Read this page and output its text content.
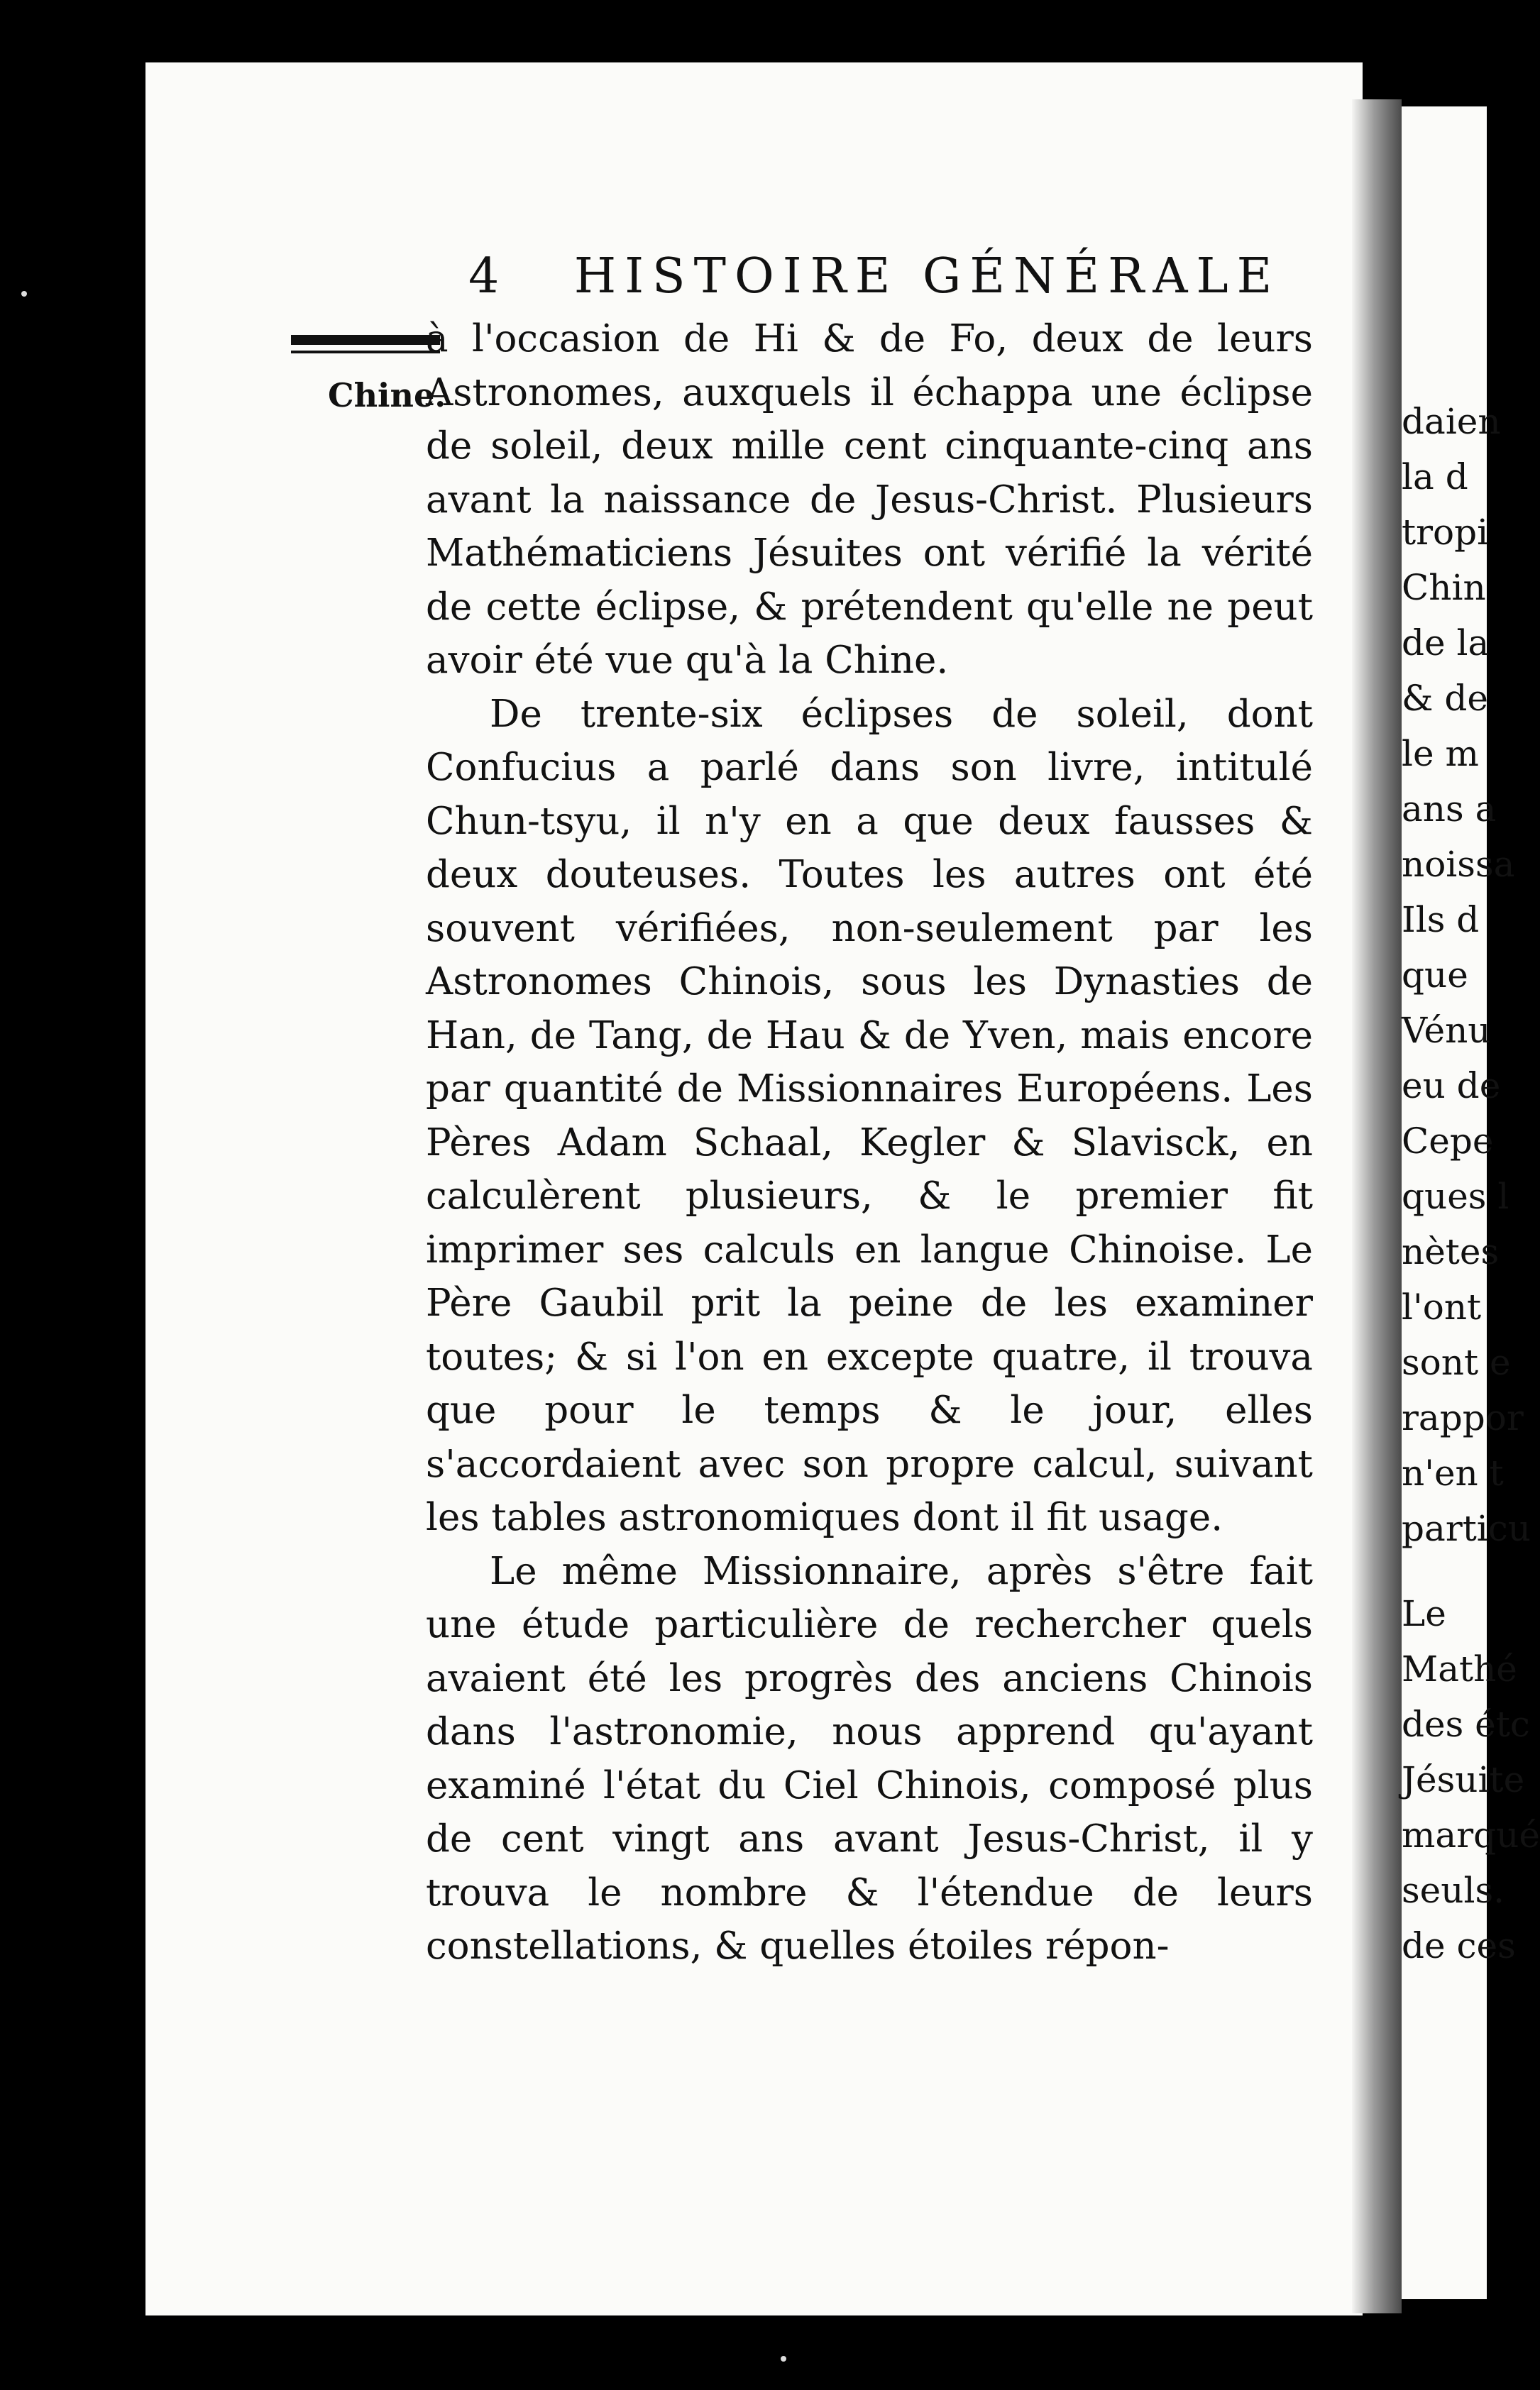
4 HISTOIRE GÉNÉRALE
Chine.

à l'occasion de Hi & de Fo, deux de leurs Astronomes, auxquels il échappa une éclipse de soleil, deux mille cent cinquante-cinq ans avant la naissance de Jesus-Christ. Plusieurs Mathématiciens Jésuites ont vérifié la vérité de cette éclipse, & prétendent qu'elle ne peut avoir été vue qu'à la Chine.

De trente-six éclipses de soleil, dont Confucius a parlé dans son livre, intitulé Chun-tsyu, il n'y en a que deux fausses & deux douteuses. Toutes les autres ont été souvent vérifiées, non-seulement par les Astronomes Chinois, sous les Dynasties de Han, de Tang, de Hau & de Yven, mais encore par quantité de Missionnaires Européens. Les Pères Adam Schaal, Kegler & Slavisck, en calculèrent plusieurs, & le premier fit imprimer ses calculs en langue Chinoise. Le Père Gaubil prit la peine de les examiner toutes; & si l'on en excepte quatre, il trouva que pour le temps & le jour, elles s'accordaient avec son propre calcul, suivant les tables astronomiques dont il fit usage.

Le même Missionnaire, après s'être fait une étude particulière de rechercher quels avaient été les progrès des anciens Chinois dans l'astronomie, nous apprend qu'ayant examiné l'état du Ciel Chinois, composé plus de cent vingt ans avant Jesus-Christ, il y trouva le nombre & l'étendue de leurs constellations, & quelles étoiles répon-

daien
la d
tropi
Chin
de la
& de
le m
ans a
noissa
Ils d
que
Vénu
eu de
Cepe
ques l
nètes
l'ont
sont e
rappor
n'en t
particu
Le
Mathé
des étc
Jésuite
marqué
seuls.
de ces
